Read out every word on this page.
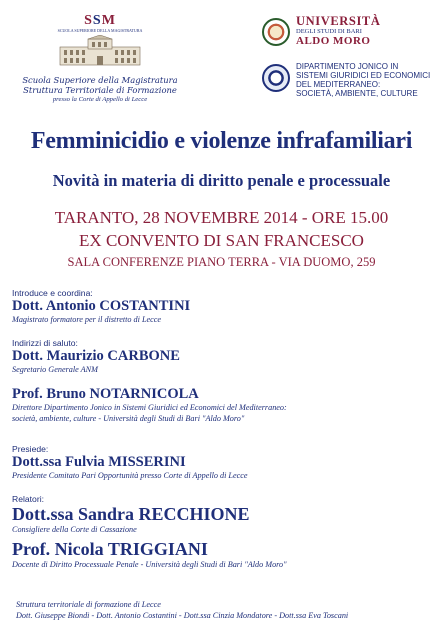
SSM
SCUOLA SUPERIORE DELLA MAGISTRATURA
Scuola Superiore della Magistratura
Struttura Territoriale di Formazione
presso la Corte di Appello di Lecce
UNIVERSITÀ
DEGLI STUDI DI BARI
ALDO MORO
DIPARTIMENTO JONICO IN
SISTEMI GIURIDICI ED ECONOMICI
DEL MEDITERRANEO:
SOCIETÀ, AMBIENTE, CULTURE
Femminicidio e violenze infrafamiliari
Novità in materia di diritto penale e processuale
TARANTO, 28 NOVEMBRE 2014 - ORE 15.00
EX CONVENTO DI SAN FRANCESCO
SALA CONFERENZE PIANO TERRA - VIA DUOMO, 259
Introduce e coordina:
Dott. Antonio COSTANTINI
Magistrato formatore per il distretto di Lecce
Indirizzi di saluto:
Dott. Maurizio CARBONE
Segretario Generale ANM
Prof. Bruno NOTARNICOLA
Direttore Dipartimento Jonico in Sistemi Giuridici ed Economici del Mediterraneo:
società, ambiente, culture - Università degli Studi di Bari "Aldo Moro"
Presiede:
Dott.ssa Fulvia MISSERINI
Presidente Comitato Pari Opportunità presso Corte di Appello di Lecce
Relatori:
Dott.ssa Sandra RECCHIONE
Consigliere della Corte di Cassazione
Prof. Nicola TRIGGIANI
Docente di Diritto Processuale Penale - Università degli Studi di Bari "Aldo Moro"
Struttura territoriale di formazione di Lecce
Dott. Giuseppe Biondi - Dott. Antonio Costantini - Dott.ssa Cinzia Mondatore - Dott.ssa Eva Toscani
